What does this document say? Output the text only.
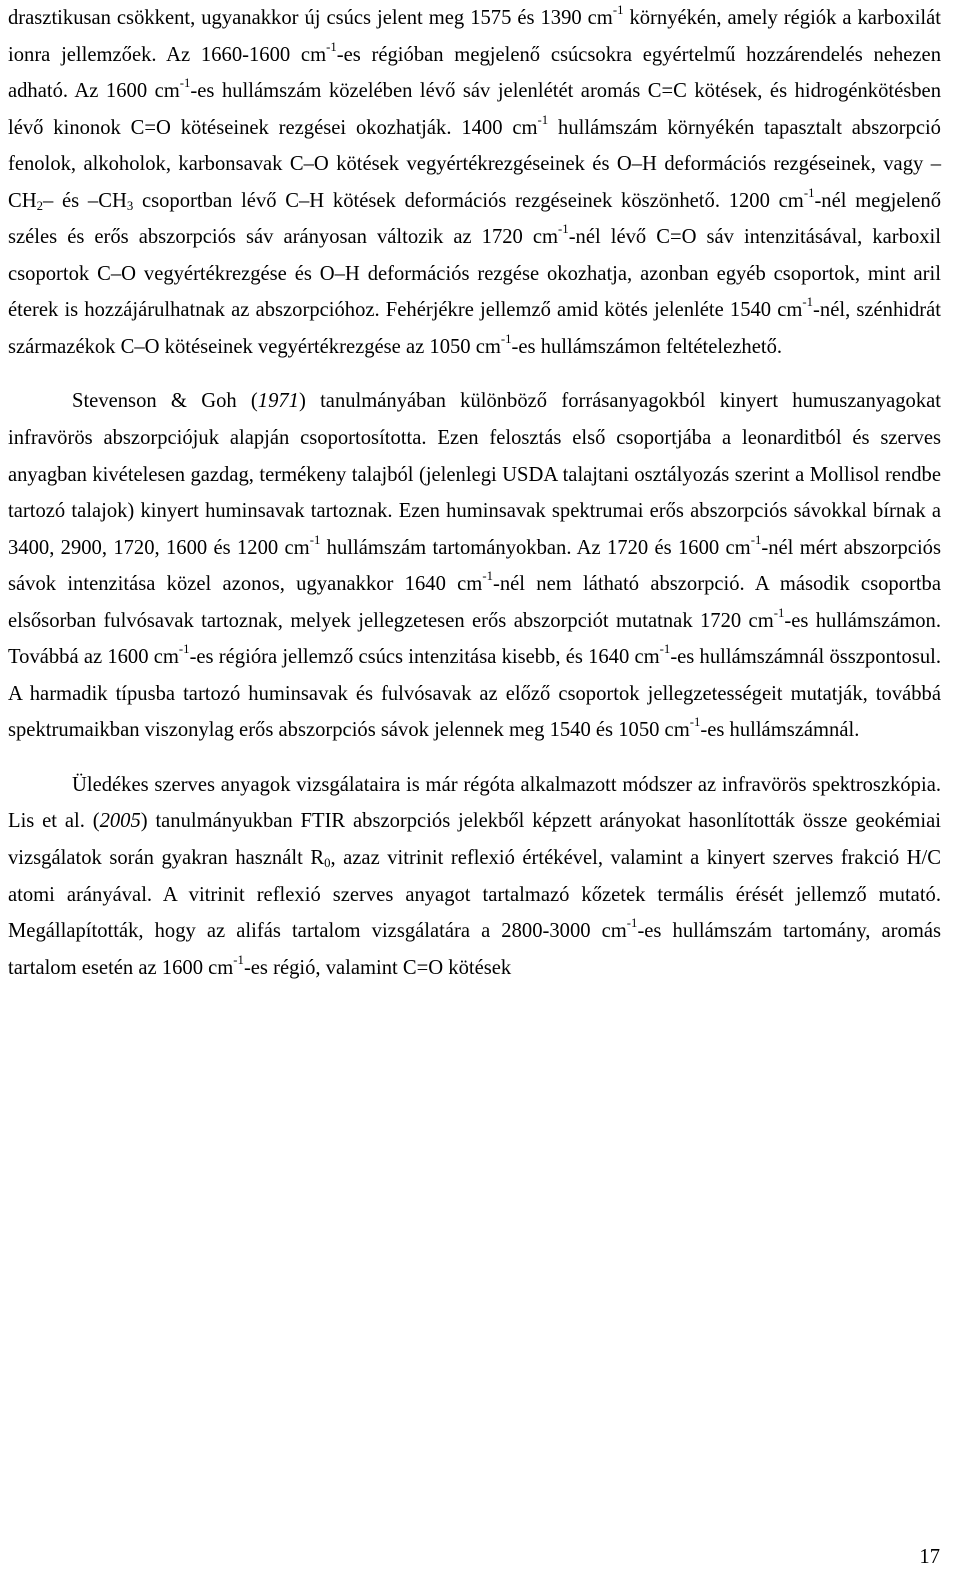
drasztikusan csökkent, ugyanakkor új csúcs jelent meg 1575 és 1390 $cm^{-1}$ környékén, amely régiók a karboxilát ionra jellemzőek. Az 1660-1600 $cm^{-1}-es$ régióban megjelenő csúcsokra egyértelmű hozzárendelés nehezen adható. Az 1600 $cm^{-1}-es$ hullámszám közelében lévő sáv jelenlétét aromás C=C kötések, és hidrogénkötésben lévő kinonok C=O kötéseinek rezgései okozhatják. 1400 $cm^{-1}$ hullámszám környékén tapasztalt abszorpció fenolok, alkoholok, karbonsavak C–O kötések vegyértékrezgéseinek és O–H deformációs rezgéseinek, vagy $-CH_2-$ és $-CH_3$ csoportban lévő C–H kötések deformációs rezgéseinek köszönhető. 1200 $cm^{-1}$-nél megjelenő széles és erős abszorpciós sáv arányosan változik az 1720 $cm^{-1}$-nél lévő C=O sáv intenzitásával, karboxil csoportok C–O vegyértékrezgése és O–H deformációs rezgése okozhatja, azonban egyéb csoportok, mint aril éterek is hozzájárulhatnak az abszorpcióhoz. Fehérjékre jellemző amid kötés jelenléte 1540 $cm^{-1}$-nél, szénhidrát származékok C–O kötéseinek vegyértékrezgése az 1050 $cm^{-1}-es$ hullámszámon feltételezhető.

Stevenson & Goh (1971) tanulmányában különböző forrásanyagokból kinyert humuszanyagokat infravörös abszorpciójuk alapján csoportosította. Ezen felosztás első csoportjába a leonarditból és szerves anyagban kivételesen gazdag, termékeny talajból (jelenlegi USDA talajtani osztályozás szerint a Mollisol rendbe tartozó talajok) kinyert huminsavak tartoznak. Ezen huminsavak spektrumai erős abszorpciós sávokkal bírnak a 3400, 2900, 1720, 1600 és 1200 $cm^{-1}$ hullámszám tartományokban. Az 1720 és 1600 $cm^{-1}$-nél mért abszorpciós sávok intenzitása közel azonos, ugyanakkor 1640 $cm^{-1}$-nél nem látható abszorpció. A második csoportba elsősorban fulvósavak tartoznak, melyek jellegzetesen erős abszorpciót mutatnak 1720 $cm^{-1}-es$ hullámszámon. Továbbá az 1600 $cm^{-1}-es$ régióra jellemző csúcs intenzitása kisebb, és 1640 $cm^{-1}-es$ hullámszámnál összpontosul. A harmadik típusba tartozó huminsavak és fulvósavak az előző csoportok jellegzetességeit mutatják, továbbá spektrumaikban viszonylag erős abszorpciós sávok jelennek meg 1540 és 1050 $cm^{-1}-es$ hullámszámnál.

Üledékes szerves anyagok vizsgálataira is már régóta alkalmazott módszer az infravörös spektroszkópia. Lis et al. (2005) tanulmányukban FTIR abszorpciós jelekből képzett arányokat hasonlították össze geokémiai vizsgálatok során gyakran használt $R_0$, azaz vitrinit reflexió értékével, valamint a kinyert szerves frakció H/C atomi arányával. A vitrinit reflexió szerves anyagot tartalmazó kőzetek termális érését jellemző mutató. Megállapították, hogy az alifás tartalom vizsgálatára a 2800-3000 $cm^{-1}-es$ hullámszám tartomány, aromás tartalom esetén az 1600 $cm^{-1}-es$ régió, valamint C=O kötések

17
